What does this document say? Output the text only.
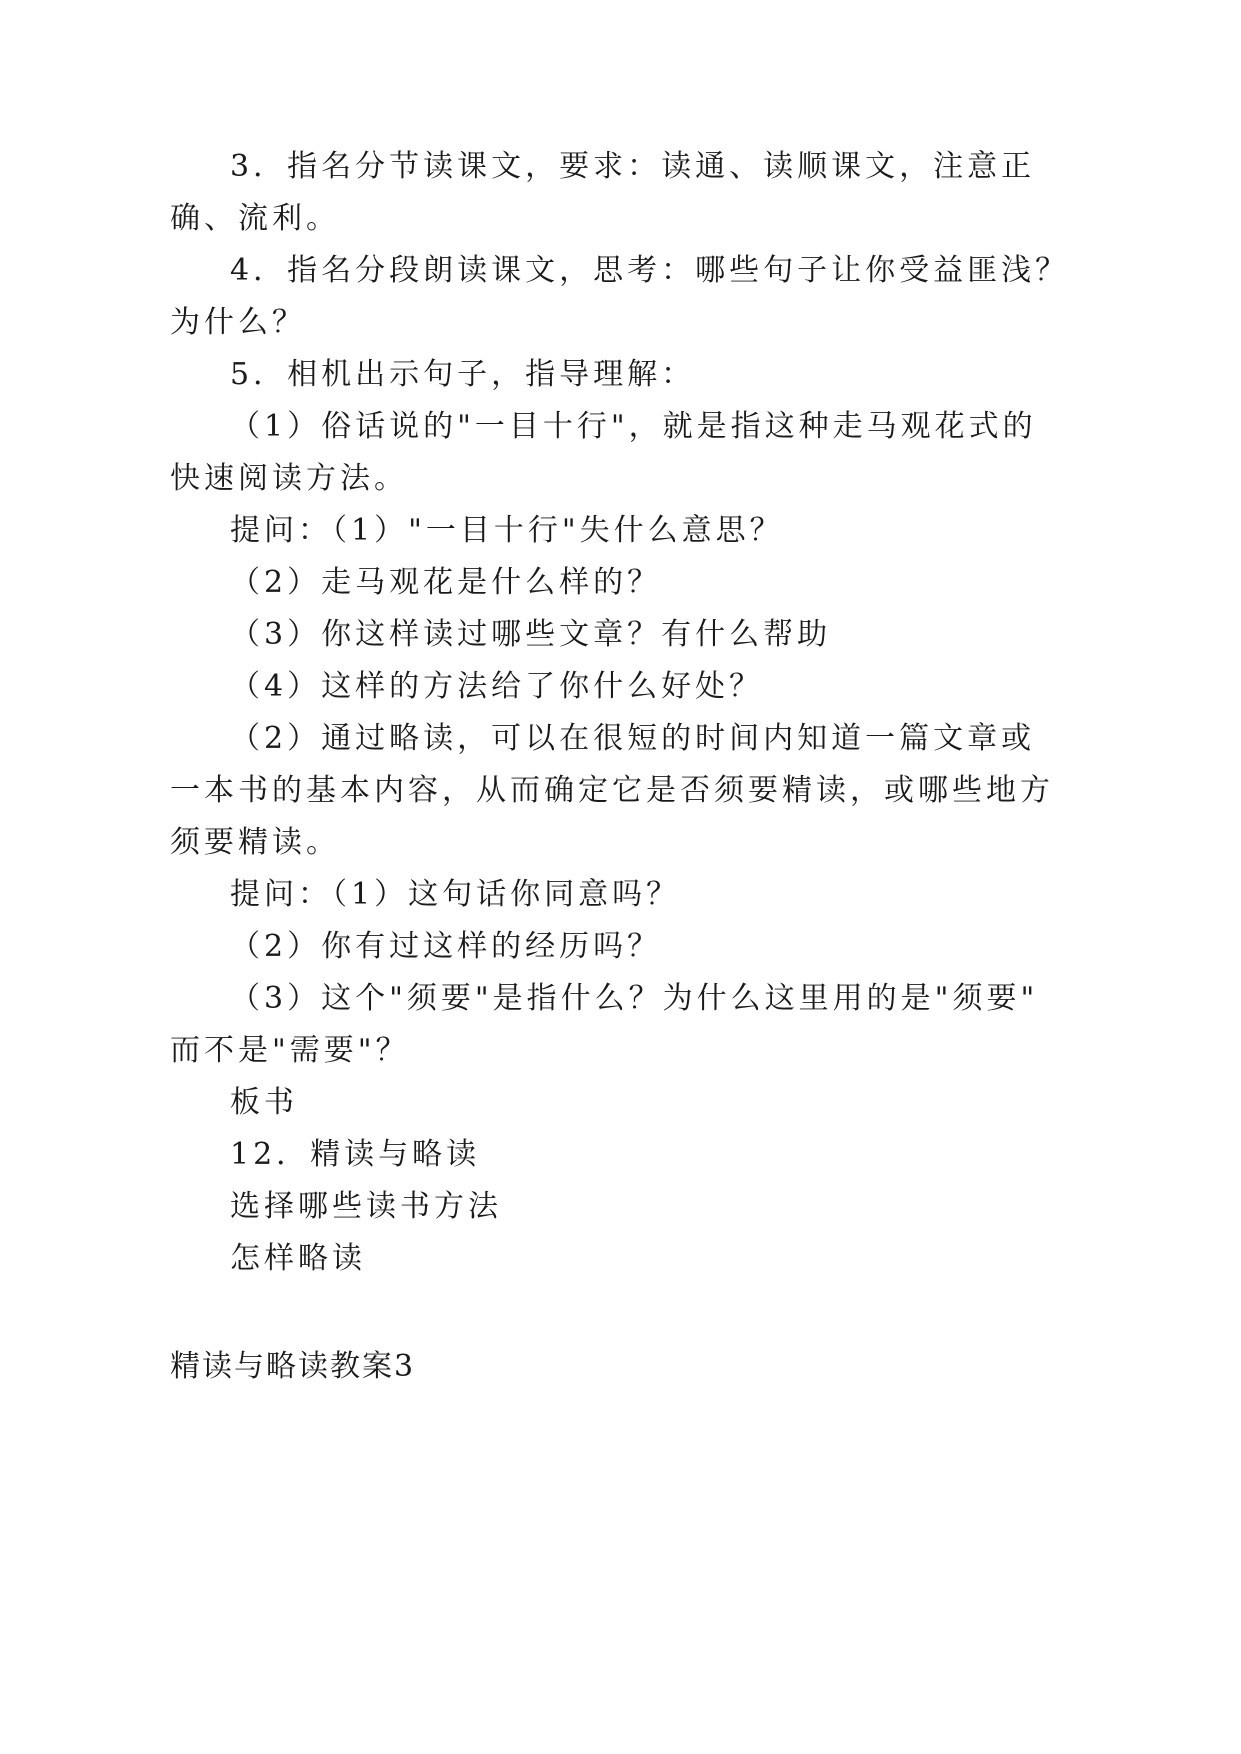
3．指名分节读课文，要求：读通、读顺课文，注意正
确、流利。
4．指名分段朗读课文，思考：哪些句子让你受益匪浅？
为什么？
5．相机出示句子，指导理解：
（1）俗话说的"一目十行"，就是指这种走马观花式的
快速阅读方法。
提问：（1）"一目十行"失什么意思？
（2）走马观花是什么样的？
（3）你这样读过哪些文章？有什么帮助
（4）这样的方法给了你什么好处？
（2）通过略读，可以在很短的时间内知道一篇文章或
一本书的基本内容，从而确定它是否须要精读，或哪些地方
须要精读。
提问：（1）这句话你同意吗？
（2）你有过这样的经历吗？
（3）这个"须要"是指什么？为什么这里用的是"须要"
而不是"需要"？
板书
12．精读与略读
选择哪些读书方法
怎样略读
精读与略读教案3
